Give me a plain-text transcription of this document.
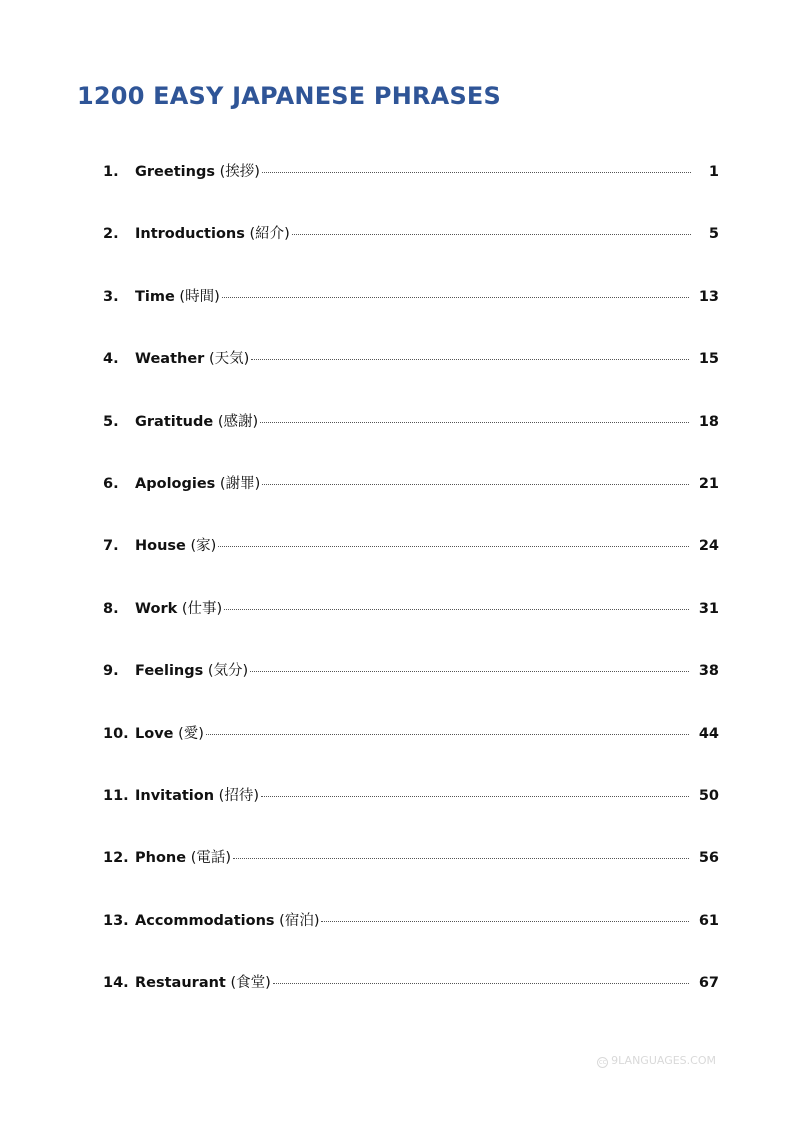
1200 EASY JAPANESE PHRASES
1.	Greetings (挨拶)	1
2.	Introductions (紹介)	5
3.	Time (時間)	13
4.	Weather (天気)	15
5.	Gratitude (感謝)	18
6.	Apologies (謝罪)	21
7.	House (家)	24
8.	Work (仕事)	31
9.	Feelings (気分)	38
10. Love (愛)	44
11. Invitation (招待)	50
12. Phone (電話)	56
13. Accommodations (宿泊)	61
14. Restaurant (食堂)	67
cc 9LANGUAGES.COM
